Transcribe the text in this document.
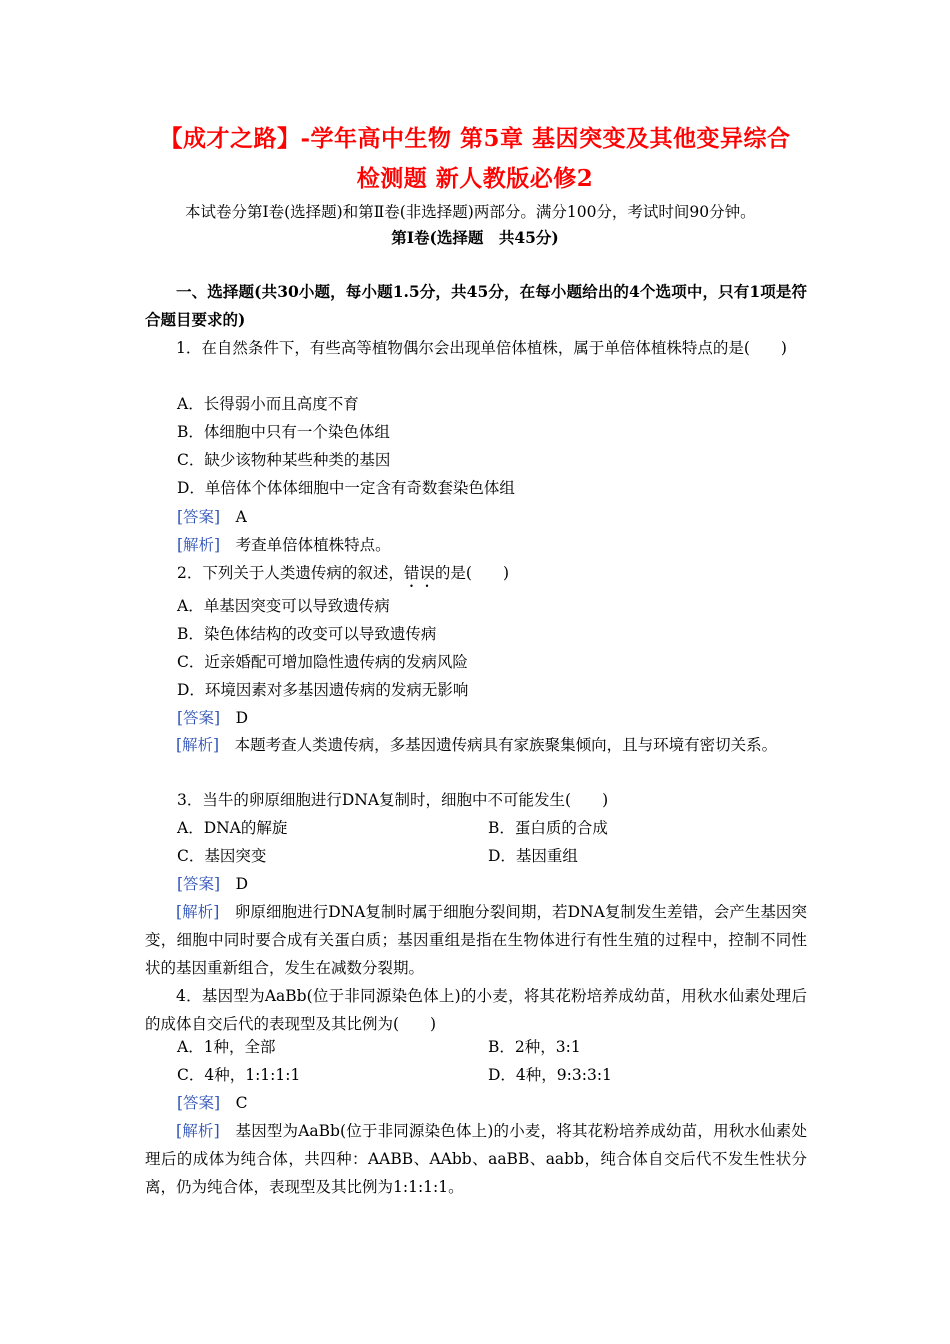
【成才之路】-学年高中生物 第5章 基因突变及其他变异综合
检测题 新人教版必修2
本试卷分第Ⅰ卷(选择题)和第Ⅱ卷(非选择题)两部分。满分100分，考试时间90分钟。
第Ⅰ卷(选择题　共45分)
一、选择题(共30小题，每小题1.5分，共45分，在每小题给出的4个选项中，只有1项是符合题目要求的)
1．在自然条件下，有些高等植物偶尔会出现单倍体植株，属于单倍体植株特点的是(　　)
A．长得弱小而且高度不育
B．体细胞中只有一个染色体组
C．缺少该物种某些种类的基因
D．单倍体个体体细胞中一定含有奇数套染色体组
[答案]　 A
[解析]　 考查单倍体植株特点。
2．下列关于人类遗传病的叙述，错误的是(　　)
A．单基因突变可以导致遗传病
B．染色体结构的改变可以导致遗传病
C．近亲婚配可增加隐性遗传病的发病风险
D．环境因素对多基因遗传病的发病无影响
[答案]　 D
[解析]　 本题考查人类遗传病，多基因遗传病具有家族聚集倾向，且与环境有密切关系。
3．当牛的卵原细胞进行DNA复制时，细胞中不可能发生(　　)
A．DNA的解旋	B．蛋白质的合成
C．基因突变	D．基因重组
[答案]　 D
[解析]　 卵原细胞进行DNA复制时属于细胞分裂间期，若DNA复制发生差错，会产生基因突变，细胞中同时要合成有关蛋白质；基因重组是指在生物体进行有性生殖的过程中，控制不同性状的基因重新组合，发生在减数分裂期。
4．基因型为AaBb(位于非同源染色体上)的小麦，将其花粉培养成幼苗，用秋水仙素处理后的成体自交后代的表现型及其比例为(　　)
A．1种，全部	B．2种，3:1
C．4种，1:1:1:1	D．4种，9:3:3:1
[答案]　 C
[解析]　 基因型为AaBb(位于非同源染色体上)的小麦，将其花粉培养成幼苗，用秋水仙素处理后的成体为纯合体，共四种：AABB、AAbb、aaBB、aabb，纯合体自交后代不发生性状分离，仍为纯合体，表现型及其比例为1:1:1:1。
